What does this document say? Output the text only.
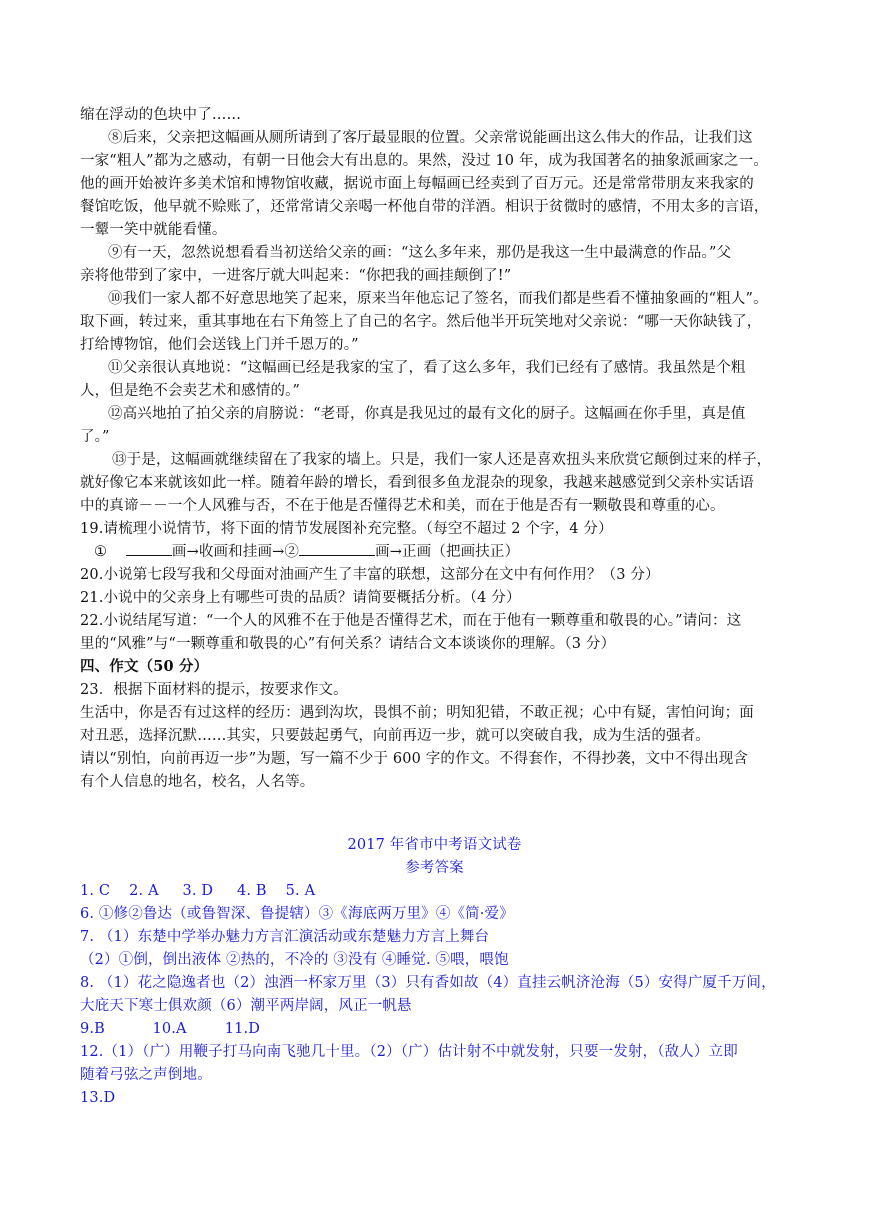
缩在浮动的色块中了……
⑧后来，父亲把这幅画从厕所请到了客厅最显眼的位置。父亲常说能画出这么伟大的作品，让我们这
一家“粗人”都为之感动，有朝一日他会大有出息的。果然，没过 10 年，成为我国著名的抽象派画家之一。
他的画开始被许多美术馆和博物馆收藏，据说市面上每幅画已经卖到了百万元。还是常常带朋友来我家的
餐馆吃饭，他早就不赊账了，还常常请父亲喝一杯他自带的洋酒。相识于贫微时的感情，不用太多的言语，
一颦一笑中就能看懂。
⑨有一天，忽然说想看看当初送给父亲的画：“这么多年来，那仍是我这一生中最满意的作品。”父
亲将他带到了家中，一进客厅就大叫起来：“你把我的画挂颠倒了!”
⑩我们一家人都不好意思地笑了起来，原来当年他忘记了签名，而我们都是些看不懂抽象画的“粗人”。
取下画，转过来，重其事地在右下角签上了自己的名字。然后他半开玩笑地对父亲说：“哪一天你缺钱了，
打给博物馆，他们会送钱上门并千恩万的。”
⑪父亲很认真地说：“这幅画已经是我家的宝了，看了这么多年，我们已经有了感情。我虽然是个粗
人，但是绝不会卖艺术和感情的。”
⑫高兴地拍了拍父亲的肩膀说：“老哥，你真是我见过的最有文化的厨子。这幅画在你手里，真是值
了。”
⑬于是，这幅画就继续留在了我家的墙上。只是，我们一家人还是喜欢扭头来欣赏它颠倒过来的样子，
就好像它本来就该如此一样。随着年龄的增长，看到很多鱼龙混杂的现象，我越来越感觉到父亲朴实话语
中的真谛－－一个人风雅与否，不在于他是否懂得艺术和美，而在于他是否有一颗敬畏和尊重的心。
19.请梳理小说情节，将下面的情节发展图补充完整。（每空不超过 2 个字，4 分）
①	画→收画和挂画→②	画→正画（把画扶正）
20.小说第七段写我和父母面对油画产生了丰富的联想，这部分在文中有何作用？（3 分）
21.小说中的父亲身上有哪些可贵的品质？请简要概括分析。（4 分）
22.小说结尾写道：“一个人的风雅不在于他是否懂得艺术，而在于他有一颗尊重和敬畏的心。”请问：这
里的“风雅”与“一颗尊重和敬畏的心”有何关系？请结合文本谈谈你的理解。（3 分）
四、作文（50 分）
23．根据下面材料的提示，按要求作文。
生活中，你是否有过这样的经历：遇到沟坎，畏惧不前；明知犯错，不敢正视；心中有疑，害怕问询；面
对丑恶，选择沉默……其实，只要鼓起勇气，向前再迈一步，就可以突破自我，成为生活的强者。
请以“别怕，向前再迈一步”为题，写一篇不少于 600 字的作文。不得套作，不得抄袭，文中不得出现含
有个人信息的地名，校名，人名等。
2017 年省市中考语文试卷
参考答案
1. C    2. A     3. D     4. B    5. A
6. ①修②鲁达（或鲁智深、鲁提辖）③《海底两万里》④《简·爱》
7. （1）东楚中学举办魅力方言汇演活动或东楚魅力方言上舞台
（2）①倒，倒出液体 ②热的，不冷的 ③没有 ④睡觉. ⑤喂，喂饱
8. （1）花之隐逸者也（2）浊酒一杯家万里（3）只有香如故（4）直挂云帆济沧海（5）安得广厦千万间，
大庇天下寒士俱欢颜（6）潮平两岸阔，风正一帆悬
9.B          10.A        11.D
12.（1）（广）用鞭子打马向南飞驰几十里。（2）（广）估计射不中就发射，只要一发射，（敌人）立即
随着弓弦之声倒地。
13.D
